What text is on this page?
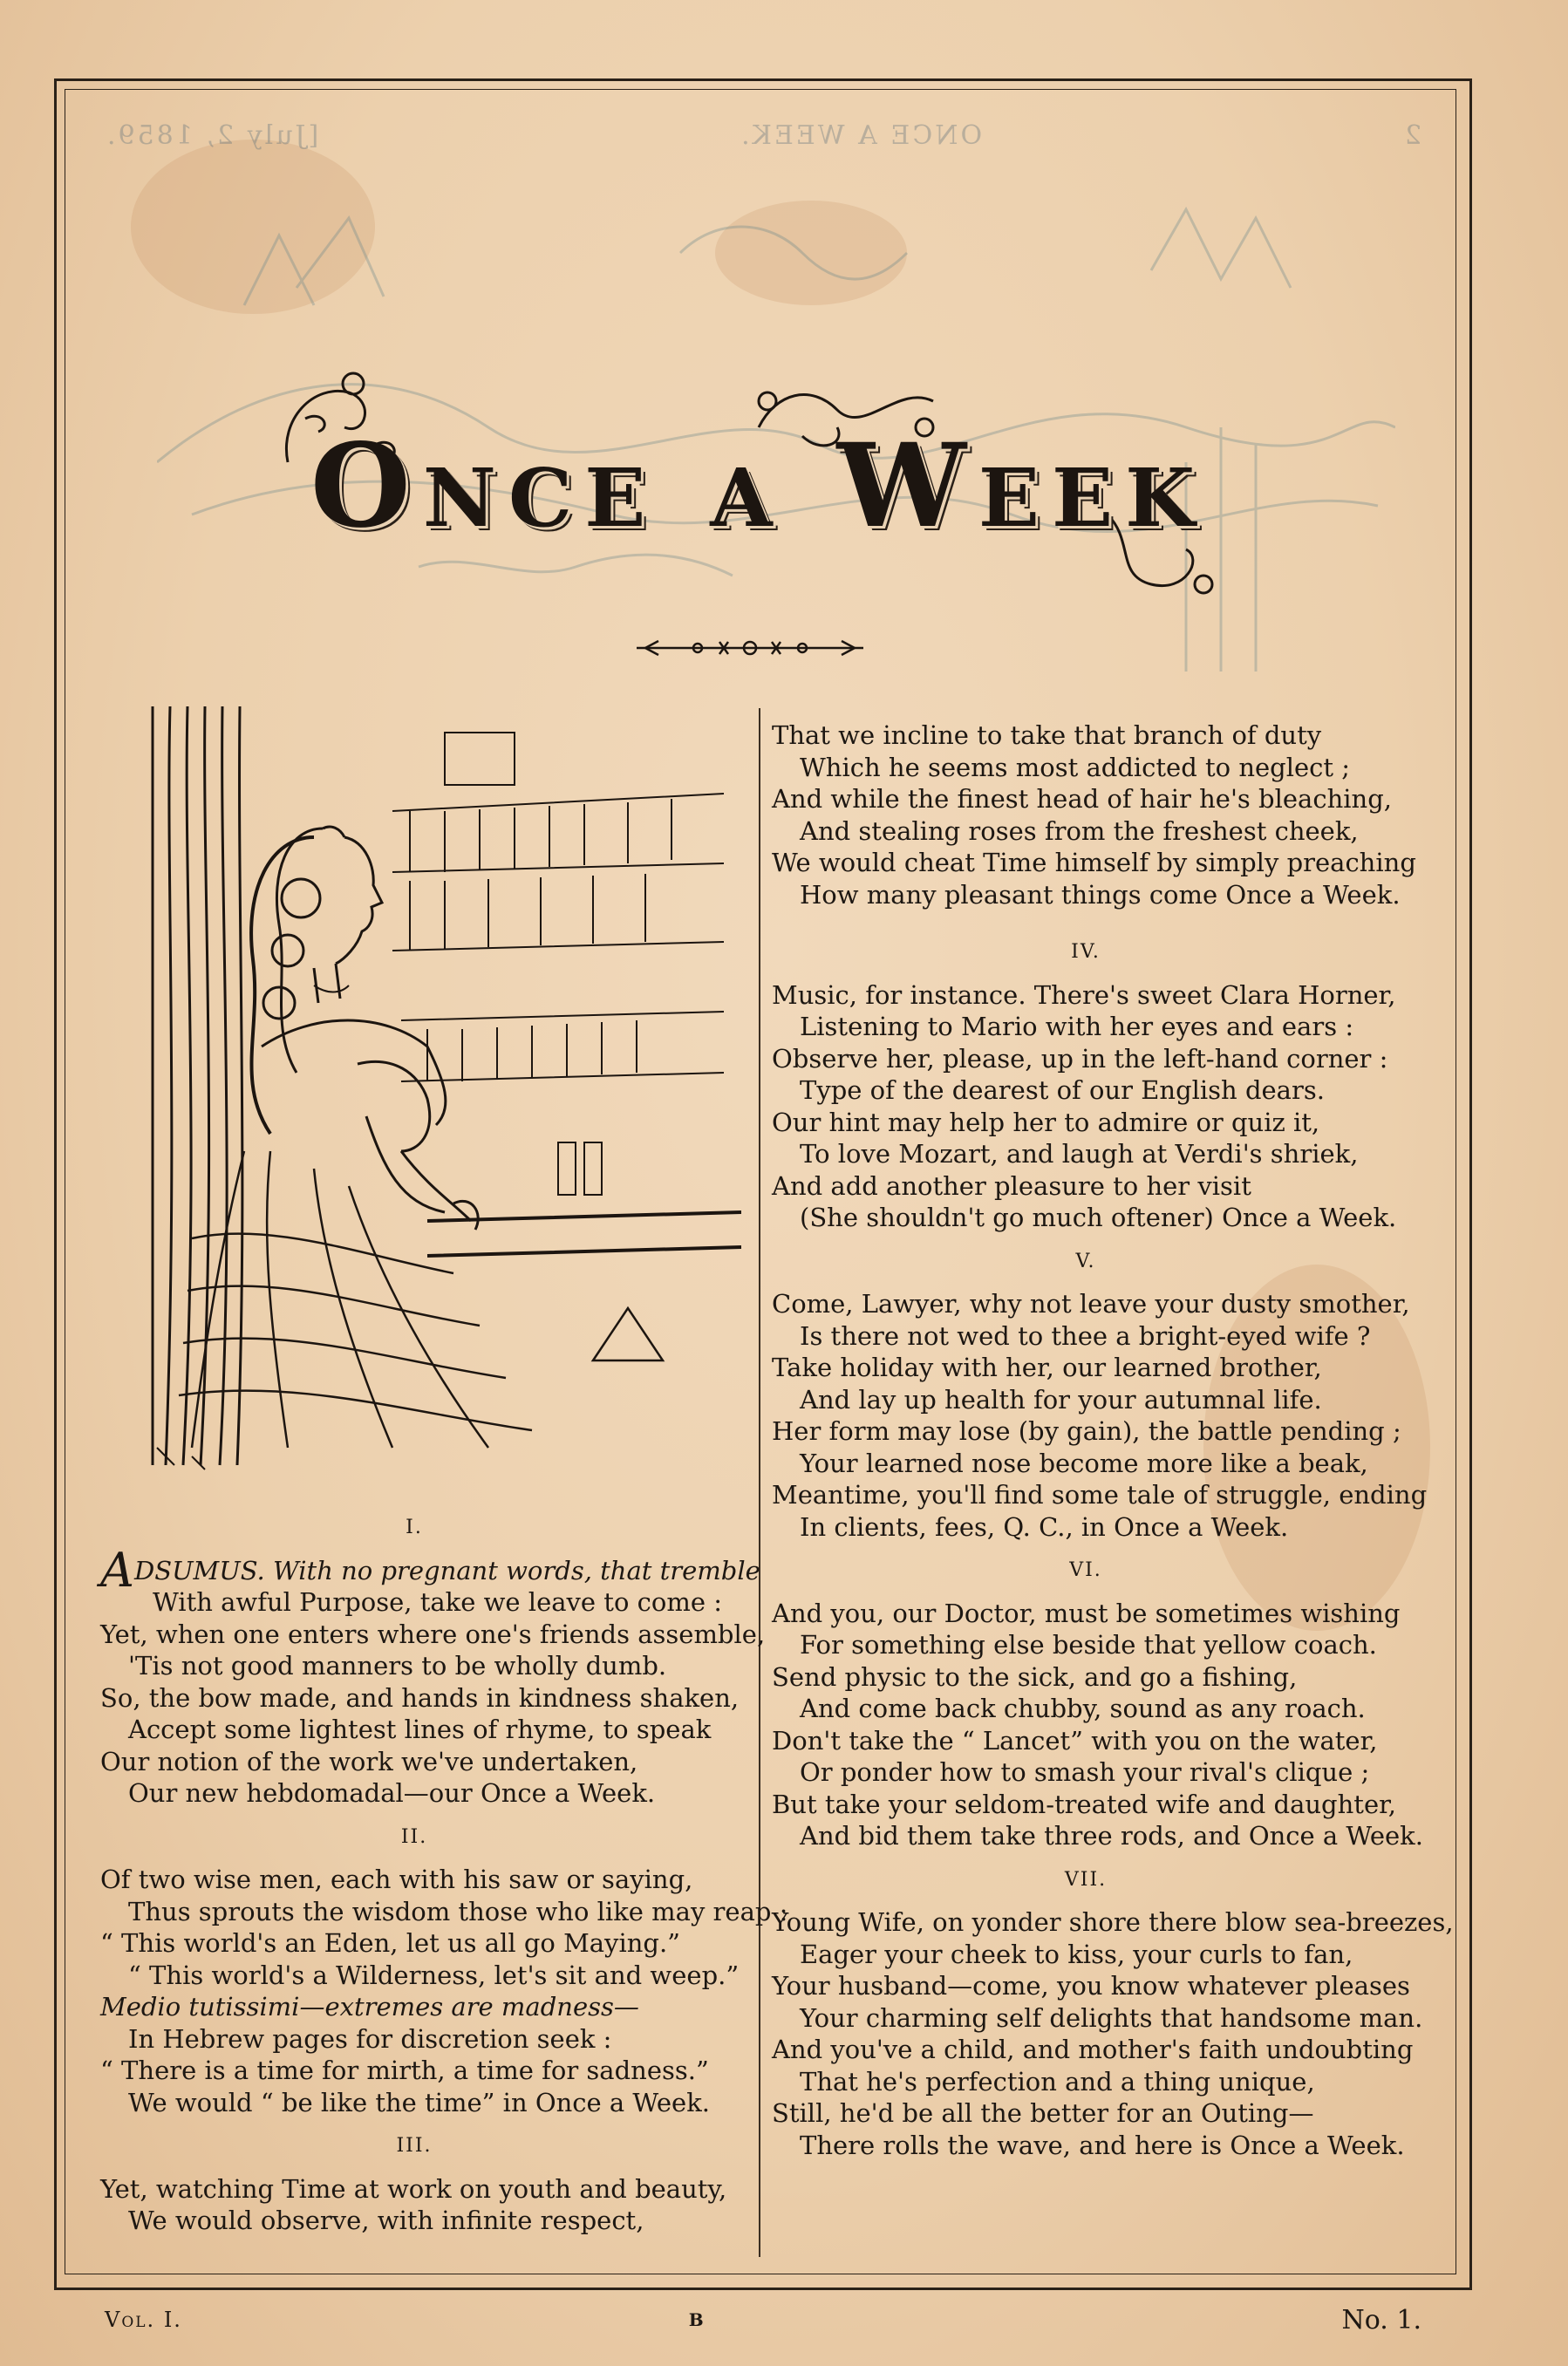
2
ONCE A WEEK.
[July 2, 1859.
Once a Week
I.
ADSUMUS. With no pregnant words, that tremble
With awful Purpose, take we leave to come :
Yet, when one enters where one's friends assemble,
'Tis not good manners to be wholly dumb.
So, the bow made, and hands in kindness shaken,
Accept some lightest lines of rhyme, to speak
Our notion of the work we've undertaken,
Our new hebdomadal—our Once a Week.
II.
Of two wise men, each with his saw or saying,
Thus sprouts the wisdom those who like may reap :
“ This world's an Eden, let us all go Maying.”
“ This world's a Wilderness, let's sit and weep.”
Medio tutissimi—extremes are madness—
In Hebrew pages for discretion seek :
“ There is a time for mirth, a time for sadness.”
We would “ be like the time” in Once a Week.
III.
Yet, watching Time at work on youth and beauty,
We would observe, with infinite respect,
That we incline to take that branch of duty
Which he seems most addicted to neglect ;
And while the finest head of hair he's bleaching,
And stealing roses from the freshest cheek,
We would cheat Time himself by simply preaching
How many pleasant things come Once a Week.
IV.
Music, for instance. There's sweet Clara Horner,
Listening to Mario with her eyes and ears :
Observe her, please, up in the left-hand corner :
Type of the dearest of our English dears.
Our hint may help her to admire or quiz it,
To love Mozart, and laugh at Verdi's shriek,
And add another pleasure to her visit
(She shouldn't go much oftener) Once a Week.
V.
Come, Lawyer, why not leave your dusty smother,
Is there not wed to thee a bright-eyed wife ?
Take holiday with her, our learned brother,
And lay up health for your autumnal life.
Her form may lose (by gain), the battle pending ;
Your learned nose become more like a beak,
Meantime, you'll find some tale of struggle, ending
In clients, fees, Q. C., in Once a Week.
VI.
And you, our Doctor, must be sometimes wishing
For something else beside that yellow coach.
Send physic to the sick, and go a fishing,
And come back chubby, sound as any roach.
Don't take the “ Lancet” with you on the water,
Or ponder how to smash your rival's clique ;
But take your seldom-treated wife and daughter,
And bid them take three rods, and Once a Week.
VII.
Young Wife, on yonder shore there blow sea-breezes,
Eager your cheek to kiss, your curls to fan,
Your husband—come, you know whatever pleases
Your charming self delights that handsome man.
And you've a child, and mother's faith undoubting
That he's perfection and a thing unique,
Still, he'd be all the better for an Outing—
There rolls the wave, and here is Once a Week.
Vol. I.	B	No. 1.
